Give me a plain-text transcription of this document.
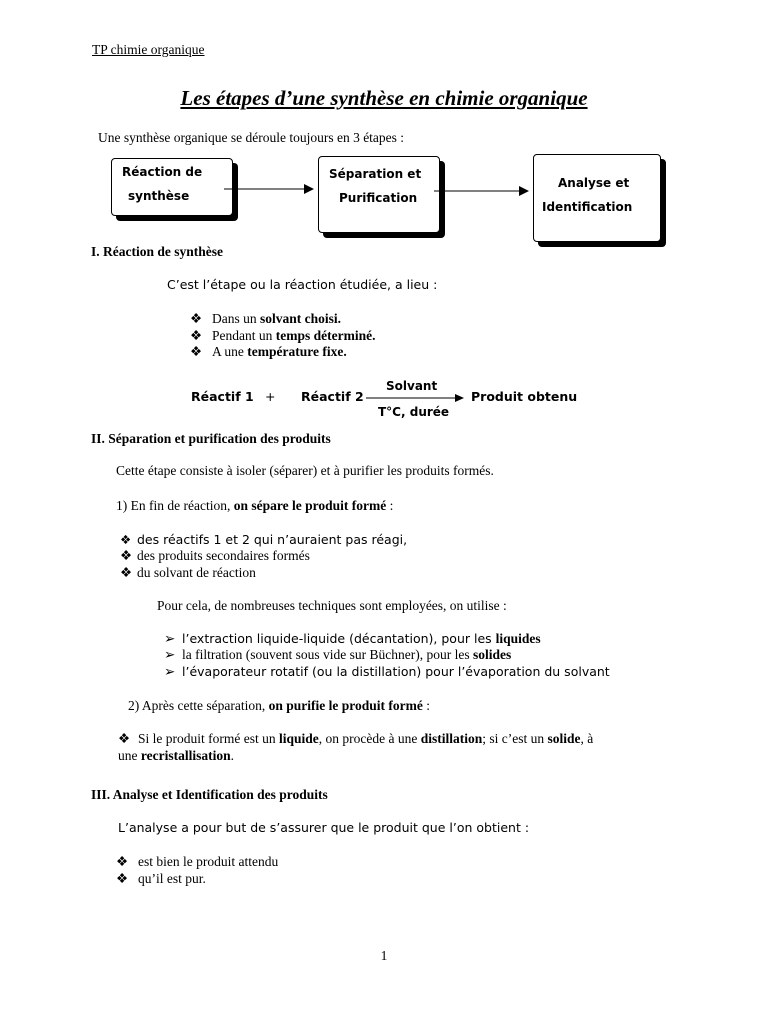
TP chimie organique
Les étapes d’une synthèse en chimie organique
Une synthèse organique se déroule toujours en 3 étapes :
Réaction de
synthèse
Séparation et
Purification
Analyse et
Identification
I. Réaction de synthèse
C’est l’étape ou la réaction étudiée, a lieu :
❖ Dans un solvant choisi.
❖ Pendant un temps déterminé.
❖ A une température fixe.
Réactif 1 + Réactif 2
Solvant
T°C, durée
Produit obtenu
II. Séparation et purification des produits
Cette étape consiste à isoler (séparer) et à purifier les produits formés.
1) En fin de réaction, on sépare le produit formé :
❖ des réactifs 1 et 2 qui n’auraient pas réagi,
❖ des produits secondaires formés
❖ du solvant de réaction
Pour cela, de nombreuses techniques sont employées, on utilise :
➢ l’extraction liquide-liquide (décantation), pour les liquides
➢ la filtration (souvent sous vide sur Büchner), pour les solides
➢ l’évaporateur rotatif (ou la distillation) pour l’évaporation du solvant
2) Après cette séparation, on purifie le produit formé :
❖ Si le produit formé est un liquide, on procède à une distillation; si c’est un solide, à
une recristallisation.
III. Analyse et Identification des produits
L’analyse a pour but de s’assurer que le produit que l’on obtient :
❖ est bien le produit attendu
❖ qu’il est pur.
1
